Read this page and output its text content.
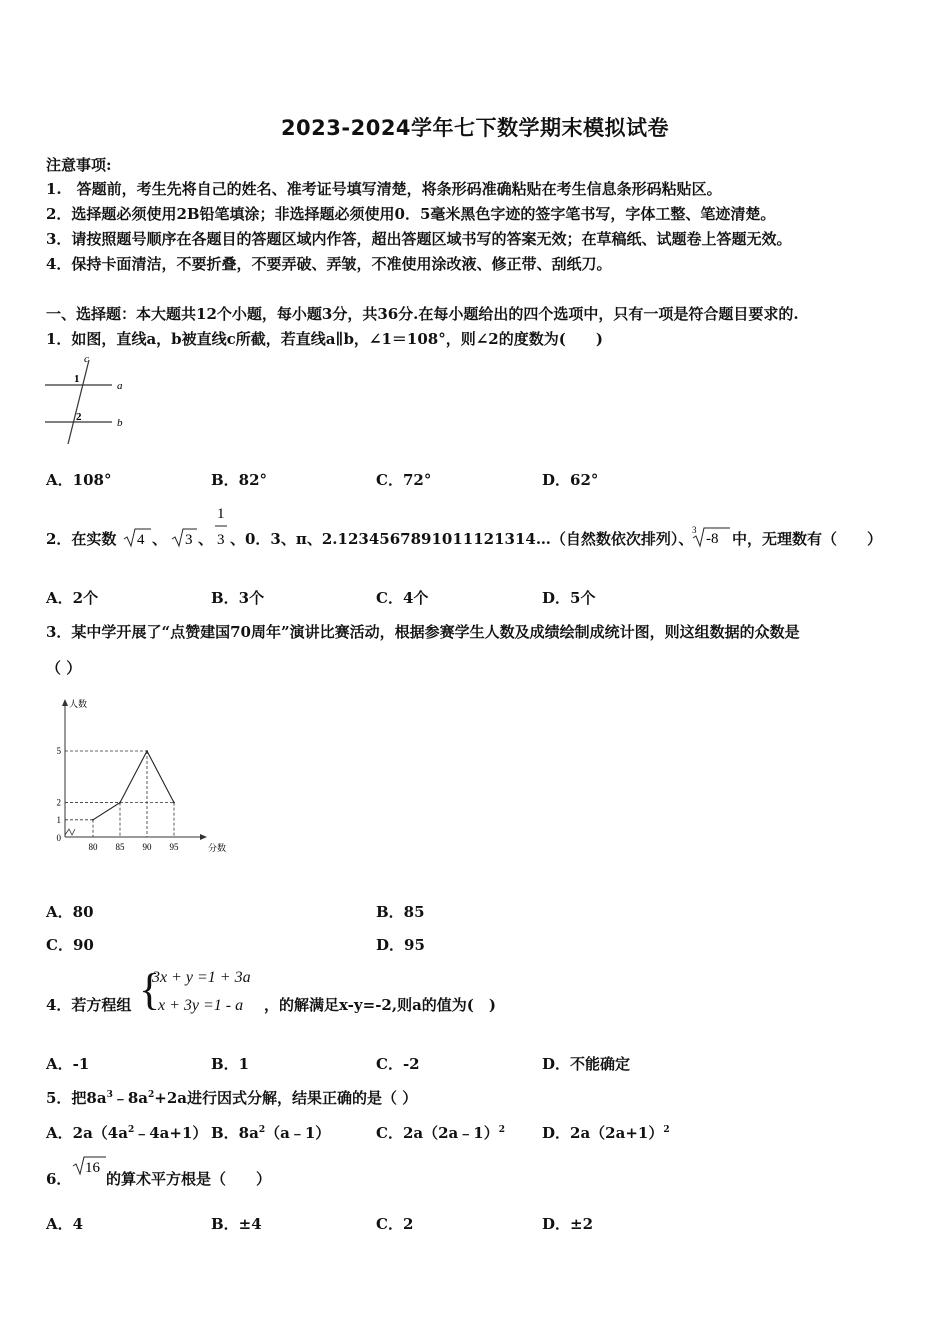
2023-2024学年七下数学期末模拟试卷
注意事项:
1.　答题前，考生先将自己的姓名、准考证号填写清楚，将条形码准确粘贴在考生信息条形码粘贴区。
2．选择题必须使用2B铅笔填涂；非选择题必须使用0．5毫米黑色字迹的签字笔书写，字体工整、笔迹清楚。
3．请按照题号顺序在各题目的答题区域内作答，超出答题区域书写的答案无效；在草稿纸、试题卷上答题无效。
4．保持卡面清洁，不要折叠，不要弄破、弄皱，不准使用涂改液、修正带、刮纸刀。
一、选择题：本大题共12个小题，每小题3分，共36分.在每小题给出的四个选项中，只有一项是符合题目要求的.
1．如图，直线a，b被直线c所截，若直线a∥b，∠1＝108°，则∠2的度数为(　　)
c
a
b
1
2
A．108°	B．82°	C．72°	D．62°
2．在实数 4 、 3 、
1
3 、0．3、π、2.1234567891011121314…（自然数依次排列）、
3
-8 中，无理数有（　　）
A．2个	B．3个	C．4个	D．5个
3．某中学开展了“点赞建国70周年”演讲比赛活动，根据参赛学生人数及成绩绘制成统计图，则这组数据的众数是
（ ）
80 85 90 95
0
1
2
5
分数
人数
A．80	B．85
C．90	D．95
4．若方程组 {
3x + y =1 + 3a
x + 3y =1 - a ，的解满足x-y=-2,则a的值为(　)
A．-1	B．1	C．-2	D．不能确定
5．把$8a^3﹣8a^2+2a$进行因式分解，结果正确的是（ ）
A．$2a(4a^2﹣4a+1)$ B．$8a^2(a﹣1)$	C．2a（2a﹣1）$^2$ D．$2a(2a+1)^2$
6．
16
的算术平方根是（　　）
A．4	B．±4	C．2	D．±2
